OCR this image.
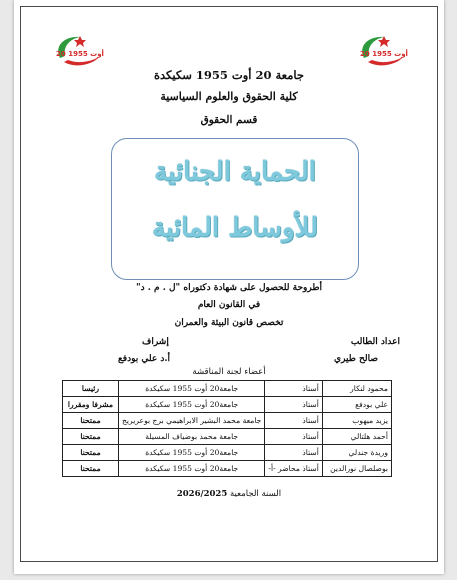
20 أوت 1955	20 أوت 1955
جامعة 20 أوت 1955 سكيكدة
كلية الحقوق والعلوم السياسية
قسم الحقوق
الحماية الجنائية
للأوساط المائية
أطروحة للحصول على شهادة دكتوراه "ل . م . د"
في القانون العام
تخصص قانون البيئة والعمران
اعداد الطالب
صالح طيري
إشراف
أ.د علي بودفع
أعضاء لجنة المناقشة
محمود لنكار	أستاذ	جامعة20 أوت 1955 سكيكدة	رئيسا
علي بودفع	أستاذ	جامعة20 أوت 1955 سكيكدة	مشرفا ومقررا
يزيد ميهوب	أستاذ	جامعة محمد البشير الابراهيمي برج بوعريريج	ممتحنا
أحمد هلتالي	أستاذ	جامعة محمد بوضياف المسيلة	ممتحنا
وريدة جندلي	أستاذ	جامعة20 أوت 1955 سكيكدة	ممتحنا
بوصلصال نورالدين	أستاذ محاضر -أ-	جامعة20 أوت 1955 سكيكدة	ممتحنا
السنة الجامعية 2026/2025
